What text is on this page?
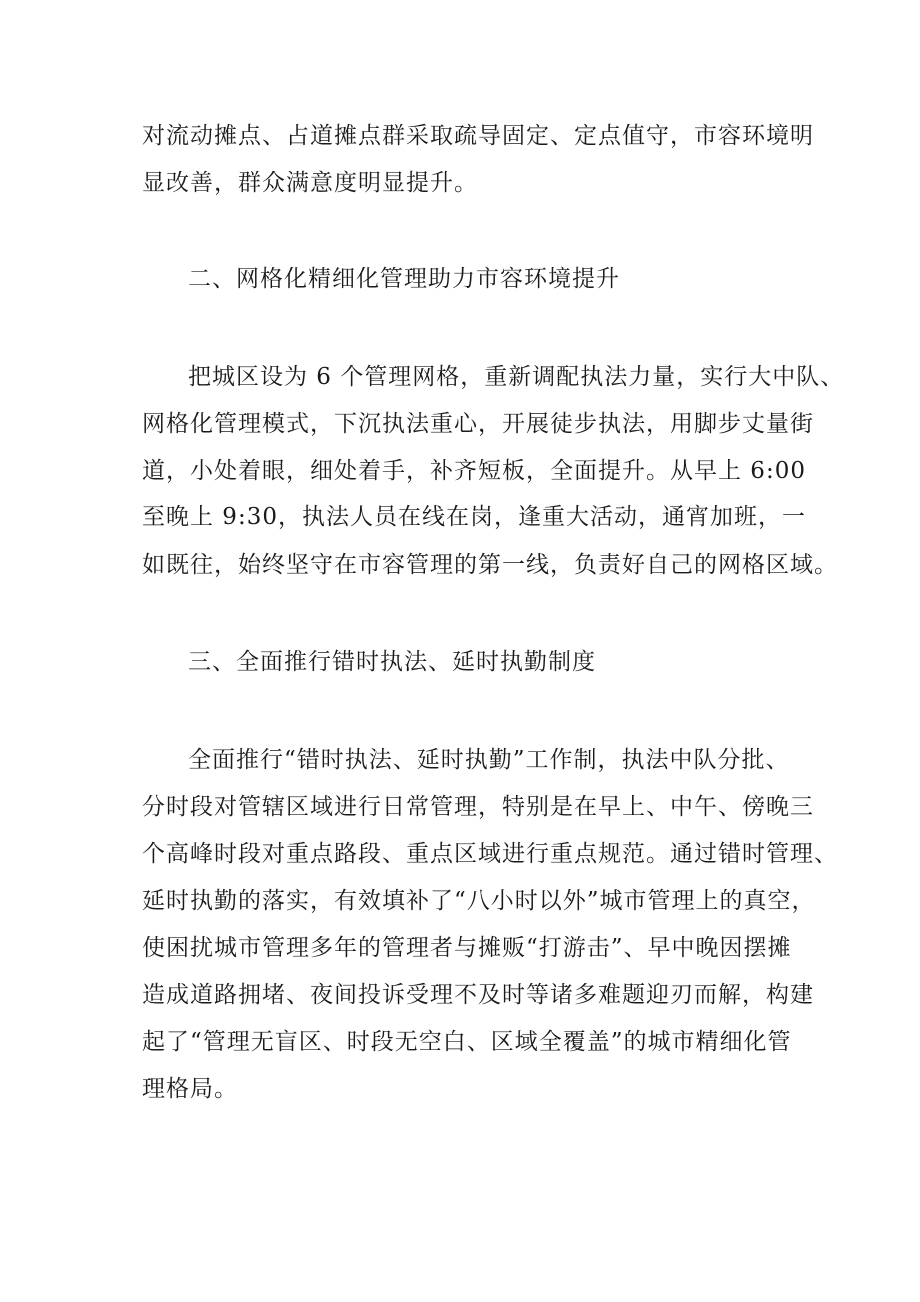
对流动摊点、占道摊点群采取疏导固定、定点值守，市容环境明
显改善，群众满意度明显提升。
二、网格化精细化管理助力市容环境提升
把城区设为 6 个管理网格，重新调配执法力量，实行大中队、
网格化管理模式，下沉执法重心，开展徒步执法，用脚步丈量街
道，小处着眼，细处着手，补齐短板，全面提升。从早上 6:00
至晚上 9:30，执法人员在线在岗，逢重大活动，通宵加班，一
如既往，始终坚守在市容管理的第一线，负责好自己的网格区域。
三、全面推行错时执法、延时执勤制度
全面推行“错时执法、延时执勤”工作制，执法中队分批、
分时段对管辖区域进行日常管理，特别是在早上、中午、傍晚三
个高峰时段对重点路段、重点区域进行重点规范。通过错时管理、
延时执勤的落实，有效填补了“八小时以外”城市管理上的真空，
使困扰城市管理多年的管理者与摊贩“打游击”、早中晚因摆摊
造成道路拥堵、夜间投诉受理不及时等诸多难题迎刃而解，构建
起了“管理无盲区、时段无空白、区域全覆盖”的城市精细化管
理格局。
